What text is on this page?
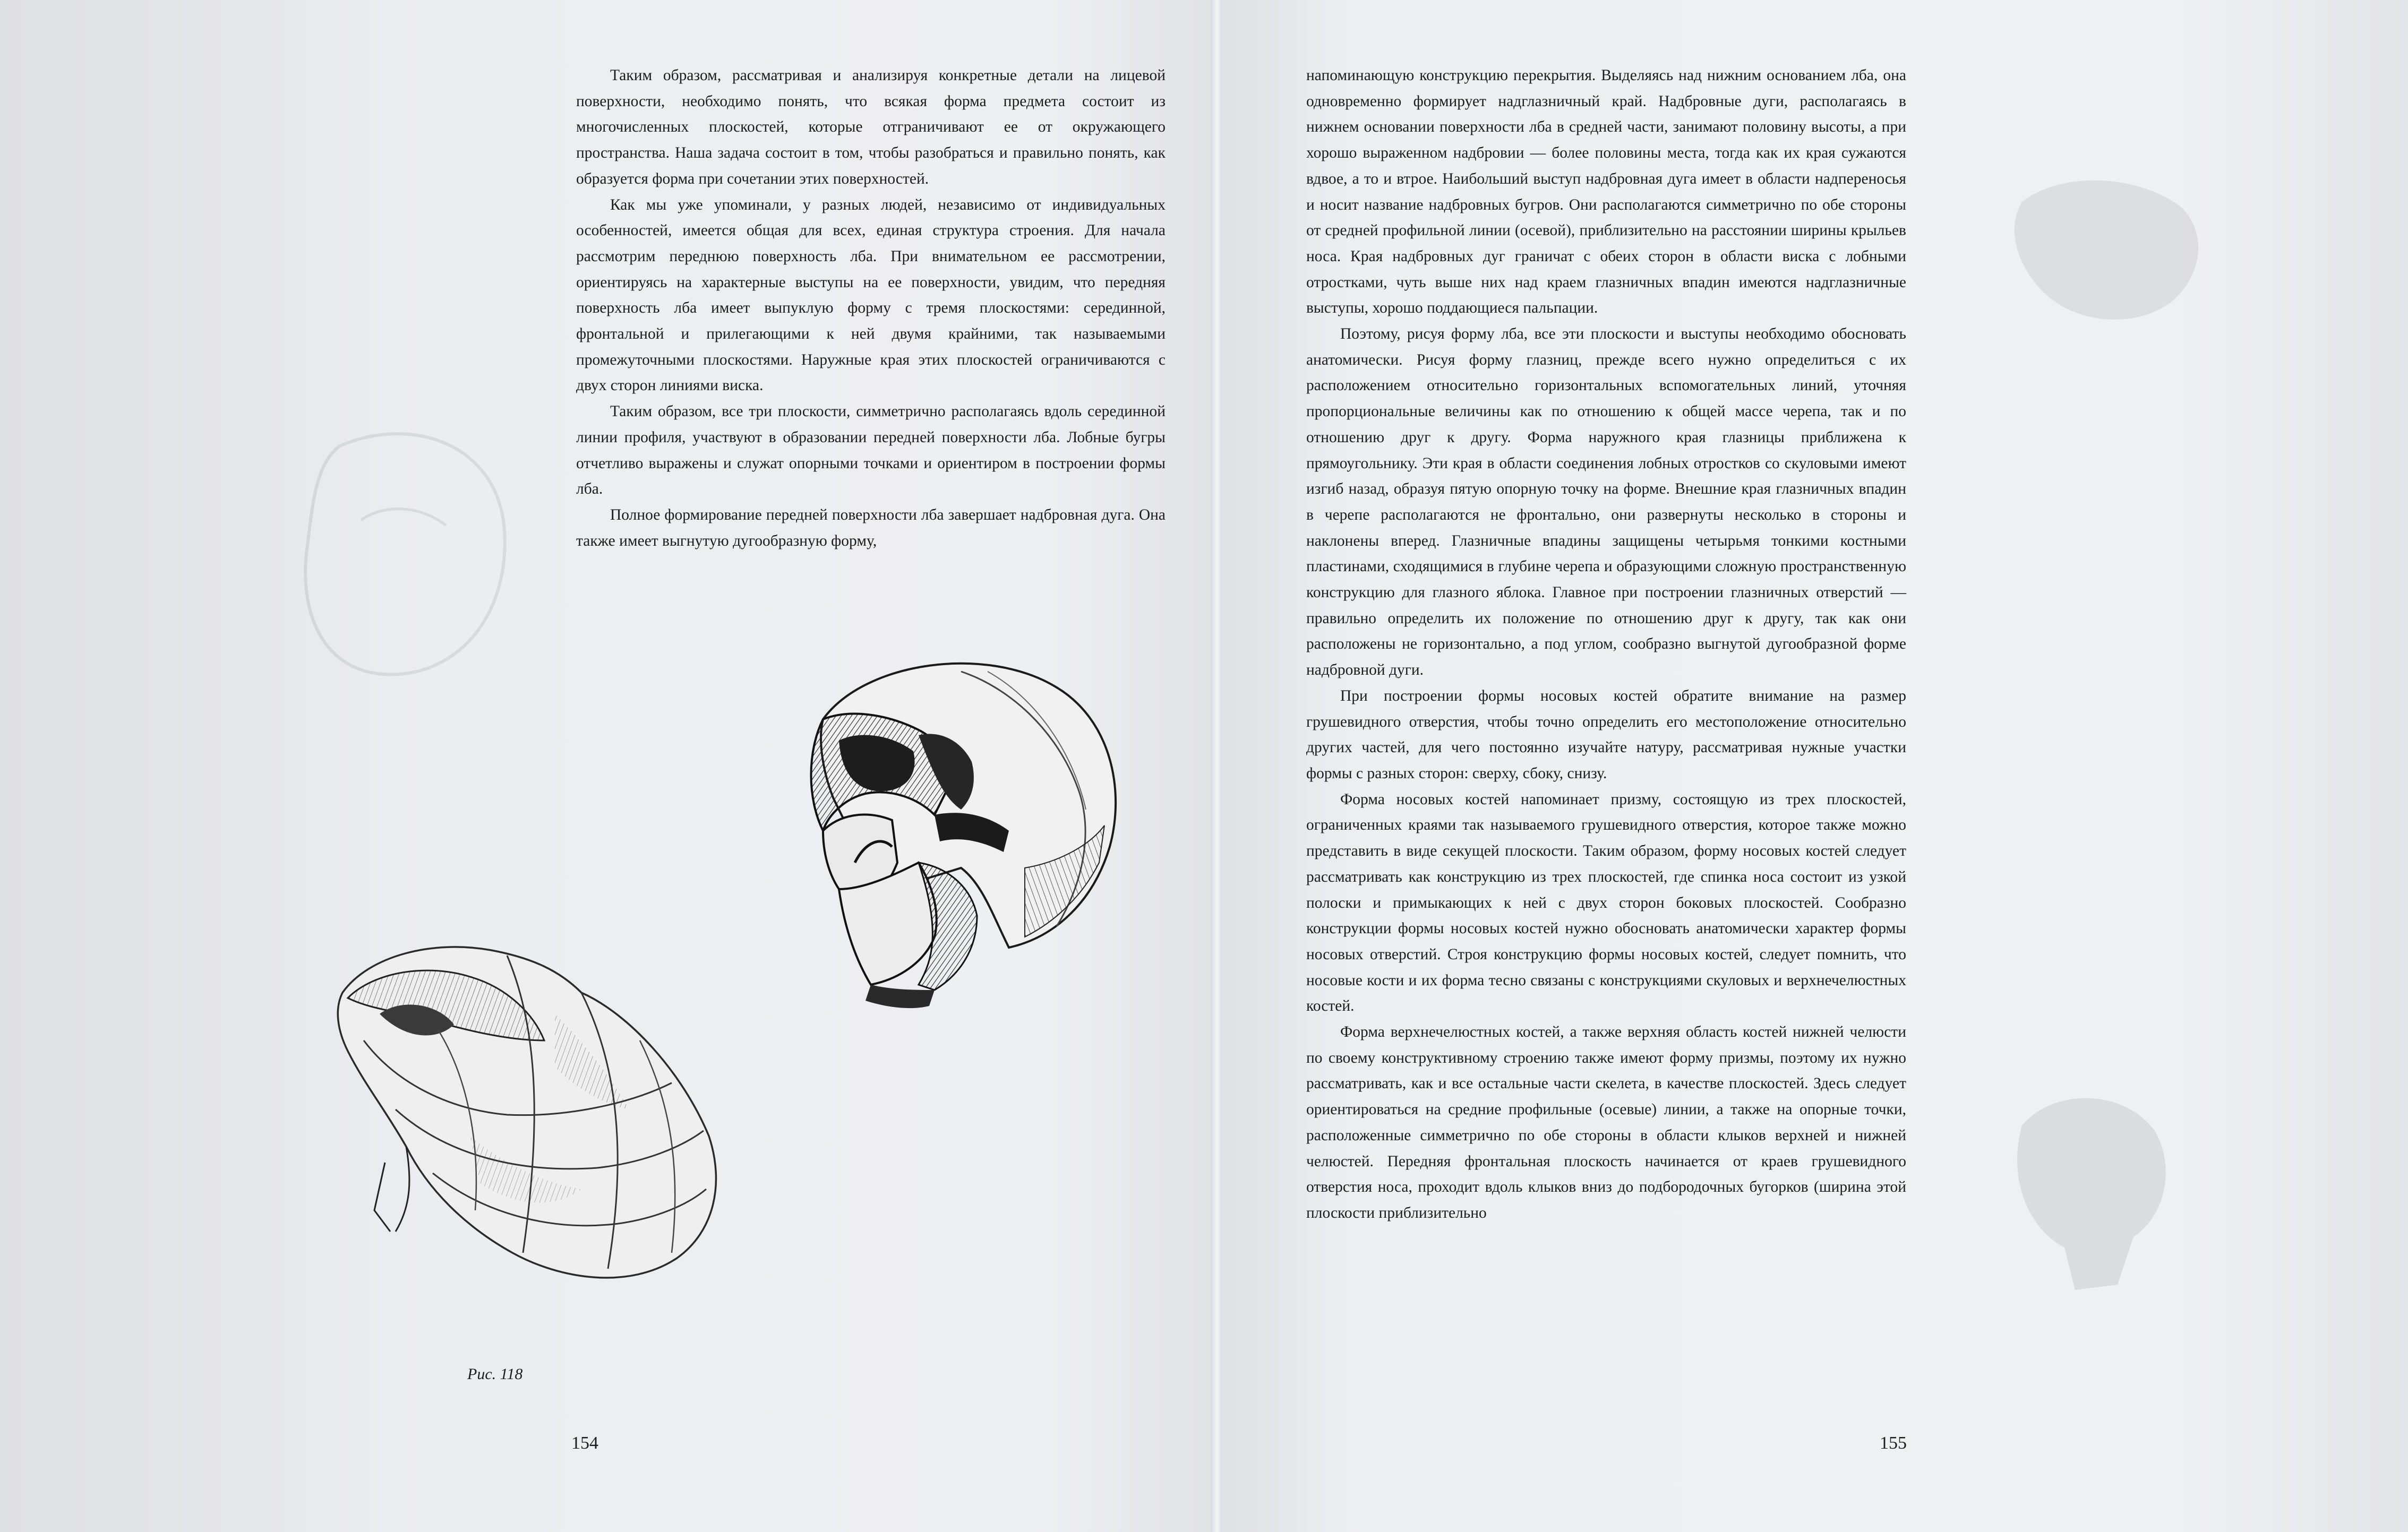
Таким образом, рассматривая и анализируя конкретные детали на лицевой поверхности, необходимо понять, что всякая форма предмета состоит из многочисленных плоскостей, которые отграничивают ее от окружающего пространства. Наша задача состоит в том, чтобы разобраться и правильно понять, как образуется форма при сочетании этих поверхностей.

Как мы уже упоминали, у разных людей, независимо от индивидуальных особенностей, имеется общая для всех, единая структура строения. Для начала рассмотрим переднюю поверхность лба. При внимательном ее рассмотрении, ориентируясь на характерные выступы на ее поверхности, увидим, что передняя поверхность лба имеет выпуклую форму с тремя плоскостями: серединной, фронтальной и прилегающими к ней двумя крайними, так называемыми промежуточными плоскостями. Наружные края этих плоскостей ограничиваются с двух сторон линиями виска.

Таким образом, все три плоскости, симметрично располагаясь вдоль серединной линии профиля, участвуют в образовании передней поверхности лба. Лобные бугры отчетливо выражены и служат опорными точками и ориентиром в построении формы лба.

Полное формирование передней поверхности лба завершает надбровная дуга. Она также имеет выгнутую дугообразную форму,

Рис. 118
154

напоминающую конструкцию перекрытия. Выделяясь над нижним основанием лба, она одновременно формирует надглазничный край. Надбровные дуги, располагаясь в нижнем основании поверхности лба в средней части, занимают половину высоты, а при хорошо выраженном надбровии — более половины места, тогда как их края сужаются вдвое, а то и втрое. Наибольший выступ надбровная дуга имеет в области надпереносья и носит название надбровных бугров. Они располагаются симметрично по обе стороны от средней профильной линии (осевой), приблизительно на расстоянии ширины крыльев носа. Края надбровных дуг граничат с обеих сторон в области виска с лобными отростками, чуть выше них над краем глазничных впадин имеются надглазничные выступы, хорошо поддающиеся пальпации.

Поэтому, рисуя форму лба, все эти плоскости и выступы необходимо обосновать анатомически. Рисуя форму глазниц, прежде всего нужно определиться с их расположением относительно горизонтальных вспомогательных линий, уточняя пропорциональные величины как по отношению к общей массе черепа, так и по отношению друг к другу. Форма наружного края глазницы приближена к прямоугольнику. Эти края в области соединения лобных отростков со скуловыми имеют изгиб назад, образуя пятую опорную точку на форме. Внешние края глазничных впадин в черепе располагаются не фронтально, они развернуты несколько в стороны и наклонены вперед. Глазничные впадины защищены четырьмя тонкими костными пластинами, сходящимися в глубине черепа и образующими сложную пространственную конструкцию для глазного яблока. Главное при построении глазничных отверстий — правильно определить их положение по отношению друг к другу, так как они расположены не горизонтально, а под углом, сообразно выгнутой дугообразной форме надбровной дуги.

При построении формы носовых костей обратите внимание на размер грушевидного отверстия, чтобы точно определить его местоположение относительно других частей, для чего постоянно изучайте натуру, рассматривая нужные участки формы с разных сторон: сверху, сбоку, снизу.

Форма носовых костей напоминает призму, состоящую из трех плоскостей, ограниченных краями так называемого грушевидного отверстия, которое также можно представить в виде секущей плоскости. Таким образом, форму носовых костей следует рассматривать как конструкцию из трех плоскостей, где спинка носа состоит из узкой полоски и примыкающих к ней с двух сторон боковых плоскостей. Сообразно конструкции формы носовых костей нужно обосновать анатомически характер формы носовых отверстий. Строя конструкцию формы носовых костей, следует помнить, что носовые кости и их форма тесно связаны с конструкциями скуловых и верхнечелюстных костей.

Форма верхнечелюстных костей, а также верхняя область костей нижней челюсти по своему конструктивному строению также имеют форму призмы, поэтому их нужно рассматривать, как и все остальные части скелета, в качестве плоскостей. Здесь следует ориентироваться на средние профильные (осевые) линии, а также на опорные точки, расположенные симметрично по обе стороны в области клыков верхней и нижней челюстей. Передняя фронтальная плоскость начинается от краев грушевидного отверстия носа, проходит вдоль клыков вниз до подбородочных бугорков (ширина этой плоскости приблизительно

155
